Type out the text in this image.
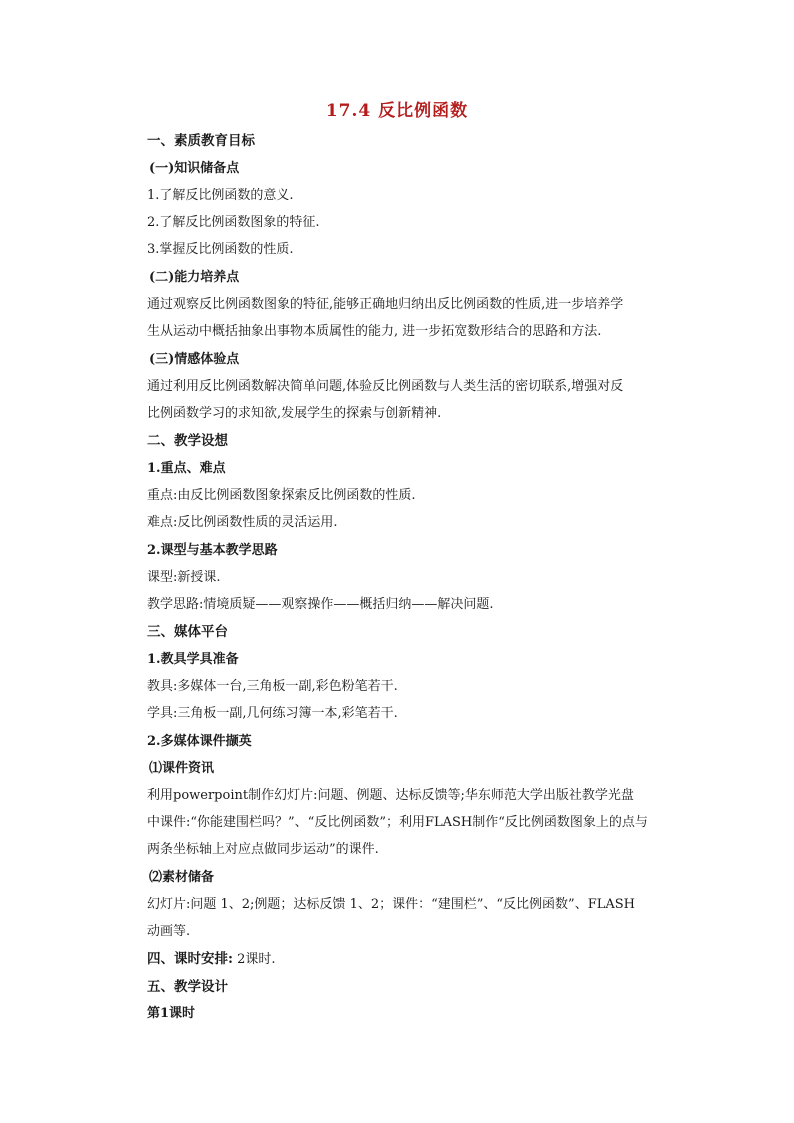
17.4 反比例函数
一、素质教育目标
(一)知识储备点
1.了解反比例函数的意义.
2.了解反比例函数图象的特征.
3.掌握反比例函数的性质.
(二)能力培养点
通过观察反比例函数图象的特征,能够正确地归纳出反比例函数的性质,进一步培养学
生从运动中概括抽象出事物本质属性的能力, 进一步拓宽数形结合的思路和方法.
(三)情感体验点
通过利用反比例函数解决简单问题,体验反比例函数与人类生活的密切联系,增强对反
比例函数学习的求知欲,发展学生的探索与创新精神.
二、教学设想
1.重点、难点
重点:由反比例函数图象探索反比例函数的性质.
难点:反比例函数性质的灵活运用.
2.课型与基本教学思路
课型:新授课.
教学思路:情境质疑——观察操作——概括归纳——解决问题.
三、媒体平台
1.教具学具准备
教具:多媒体一台,三角板一副,彩色粉笔若干.
学具:三角板一副,几何练习簿一本,彩笔若干.
2.多媒体课件撷英
⑴课件资讯
利用powerpoint制作幻灯片:问题、例题、达标反馈等;华东师范大学出版社教学光盘
中课件:“你能建围栏吗？”、“反比例函数”；利用FLASH制作“反比例函数图象上的点与
两条坐标轴上对应点做同步运动”的课件.
⑵素材储备
幻灯片:问题 1、2;例题；达标反馈 1、2；课件：“建围栏”、“反比例函数”、FLASH
动画等.
四、课时安排: 2课时.
五、教学设计
第1课时
